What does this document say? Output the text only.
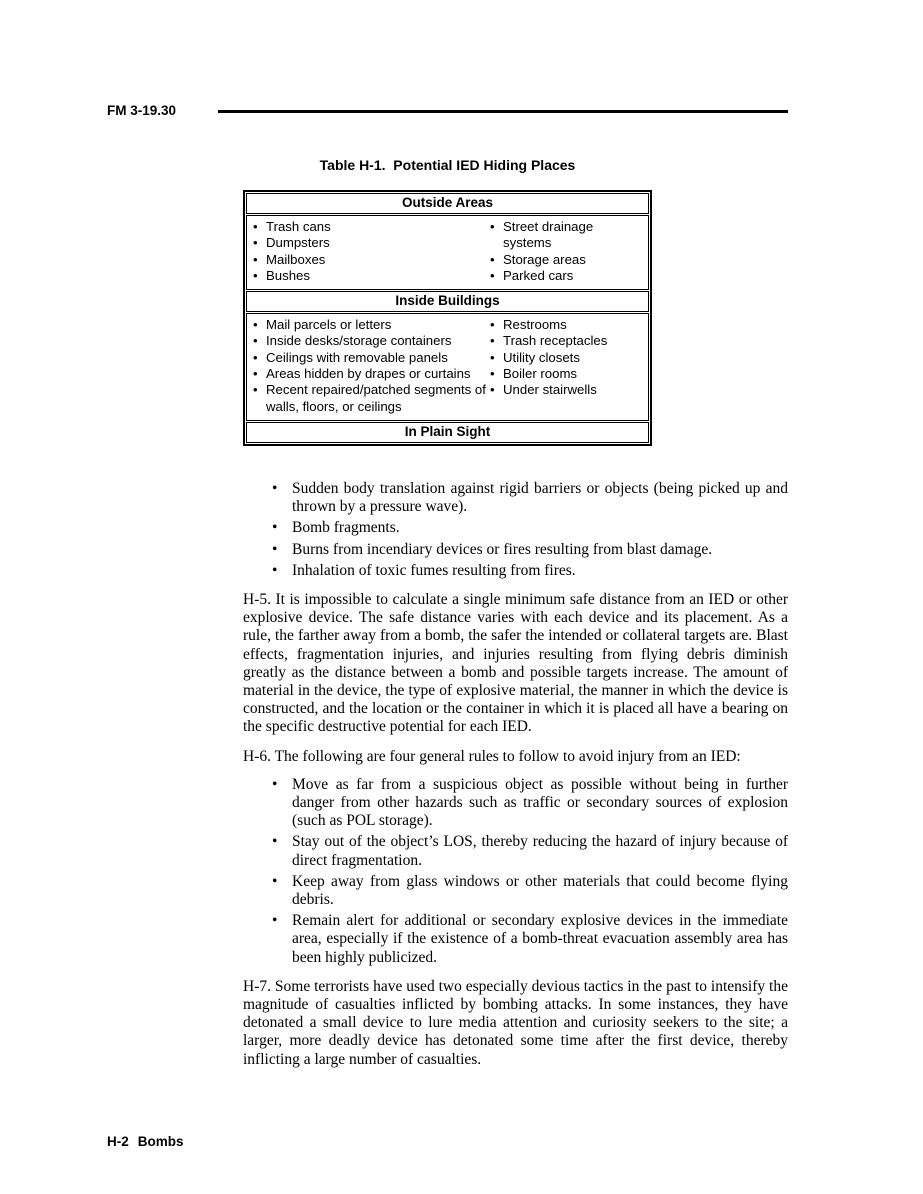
FM 3-19.30
Table H-1.  Potential IED Hiding Places
Outside Areas
• Trash cans
• Dumpsters
• Mailboxes
• Bushes
• Street drainage systems
• Storage areas
• Parked cars
Inside Buildings
• Mail parcels or letters
• Inside desks/storage containers
• Ceilings with removable panels
• Areas hidden by drapes or curtains
• Recent repaired/patched segments of walls, floors, or ceilings
• Restrooms
• Trash receptacles
• Utility closets
• Boiler rooms
• Under stairwells
In Plain Sight
• Sudden body translation against rigid barriers or objects (being picked up and thrown by a pressure wave).
• Bomb fragments.
• Burns from incendiary devices or fires resulting from blast damage.
• Inhalation of toxic fumes resulting from fires.

H-5. It is impossible to calculate a single minimum safe distance from an IED or other explosive device. The safe distance varies with each device and its placement. As a rule, the farther away from a bomb, the safer the intended or collateral targets are. Blast effects, fragmentation injuries, and injuries resulting from flying debris diminish greatly as the distance between a bomb and possible targets increase. The amount of material in the device, the type of explosive material, the manner in which the device is constructed, and the location or the container in which it is placed all have a bearing on the specific destructive potential for each IED.

H-6. The following are four general rules to follow to avoid injury from an IED:

• Move as far from a suspicious object as possible without being in further danger from other hazards such as traffic or secondary sources of explosion (such as POL storage).
• Stay out of the object’s LOS, thereby reducing the hazard of injury because of direct fragmentation.
• Keep away from glass windows or other materials that could become flying debris.
• Remain alert for additional or secondary explosive devices in the immediate area, especially if the existence of a bomb-threat evacuation assembly area has been highly publicized.

H-7. Some terrorists have used two especially devious tactics in the past to intensify the magnitude of casualties inflicted by bombing attacks. In some instances, they have detonated a small device to lure media attention and curiosity seekers to the site; a larger, more deadly device has detonated some time after the first device, thereby inflicting a large number of casualties.

H-2 Bombs
